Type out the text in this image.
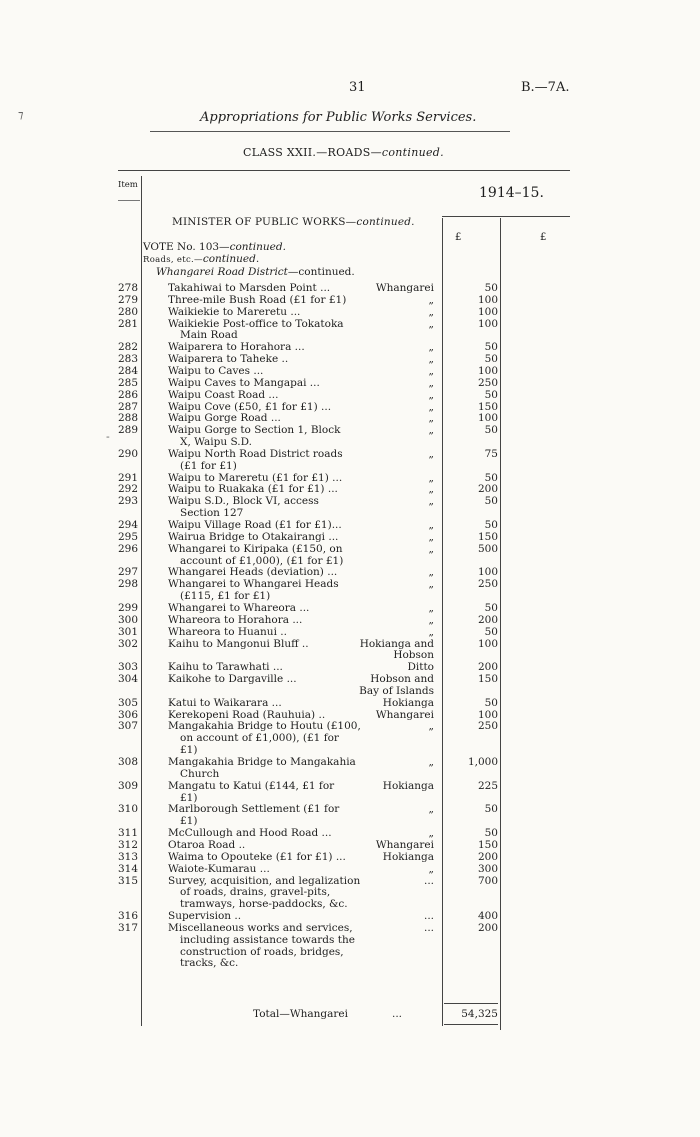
31	B.—7A.
Appropriations for Public Works Services.
CLASS XXII.—ROADS—continued.
Item	1914–15.
£	£
MINISTER OF PUBLIC WORKS—continued.
VOTE No. 103—continued.
Roads, etc.—continued.
Whangarei Road District—continued.
278	Takahiwai to Marsden Point ...	Whangarei	50
279	Three-mile Bush Road (£1 for £1)	„	100
280	Waikiekie to Mareretu ...	„	100
281	Waikiekie Post-office to Tokatoka	„	100
Main Road
282	Waiparera to Horahora ...	„	50
283	Waiparera to Taheke ..	„	50
284	Waipu to Caves ...	„	100
285	Waipu Caves to Mangapai ...	„	250
286	Waipu Coast Road ...	„	50
287	Waipu Cove (£50, £1 for £1) ...	„	150
288	Waipu Gorge Road ...	„	100
289	Waipu Gorge to Section 1, Block	„	50
X, Waipu S.D.
290	Waipu North Road District roads	„	75
(£1 for £1)
291	Waipu to Mareretu (£1 for £1) ...	„	50
292	Waipu to Ruakaka (£1 for £1) ...	„	200
293	Waipu S.D., Block VI, access	„	50
Section 127
294	Waipu Village Road (£1 for £1)...	„	50
295	Wairua Bridge to Otakairangi ...	„	150
296	Whangarei to Kiripaka (£150, on	„	500
account of £1,000), (£1 for £1)
297	Whangarei Heads (deviation) ...	„	100
298	Whangarei to Whangarei Heads	„	250
(£115, £1 for £1)
299	Whangarei to Whareora ...	„	50
300	Whareora to Horahora ...	„	200
301	Whareora to Huanui ..	„	50
302	Kaihu to Mangonui Bluff ..	Hokianga and	100
Hobson
303	Kaihu to Tarawhati ...	Ditto	200
304	Kaikohe to Dargaville ...	Hobson and	150
Bay of Islands
305	Katui to Waikarara ...	Hokianga	50
306	Kerekopeni Road (Rauhuia) ..	Whangarei	100
307	Mangakahia Bridge to Houtu (£100,	„	250
on account of £1,000), (£1 for
£1)
308	Mangakahia Bridge to Mangakahia	„	1,000
Church
309	Mangatu to Katui (£144, £1 for	Hokianga	225
£1)
310	Marlborough Settlement (£1 for	„	50
£1)
311	McCullough and Hood Road ...	„	50
312	Otaroa Road ..	Whangarei	150
313	Waima to Opouteke (£1 for £1) ...	Hokianga	200
314	Waiote-Kumarau ...	„	300
315	Survey, acquisition, and legalization	...	700
of roads, drains, gravel-pits,
tramways, horse-paddocks, &c.
316	Supervision ..	...	400
317	Miscellaneous works and services,	...	200
including assistance towards the
construction of roads, bridges,
tracks, &c.
Total—Whangarei	...	54,325
⁊
-
